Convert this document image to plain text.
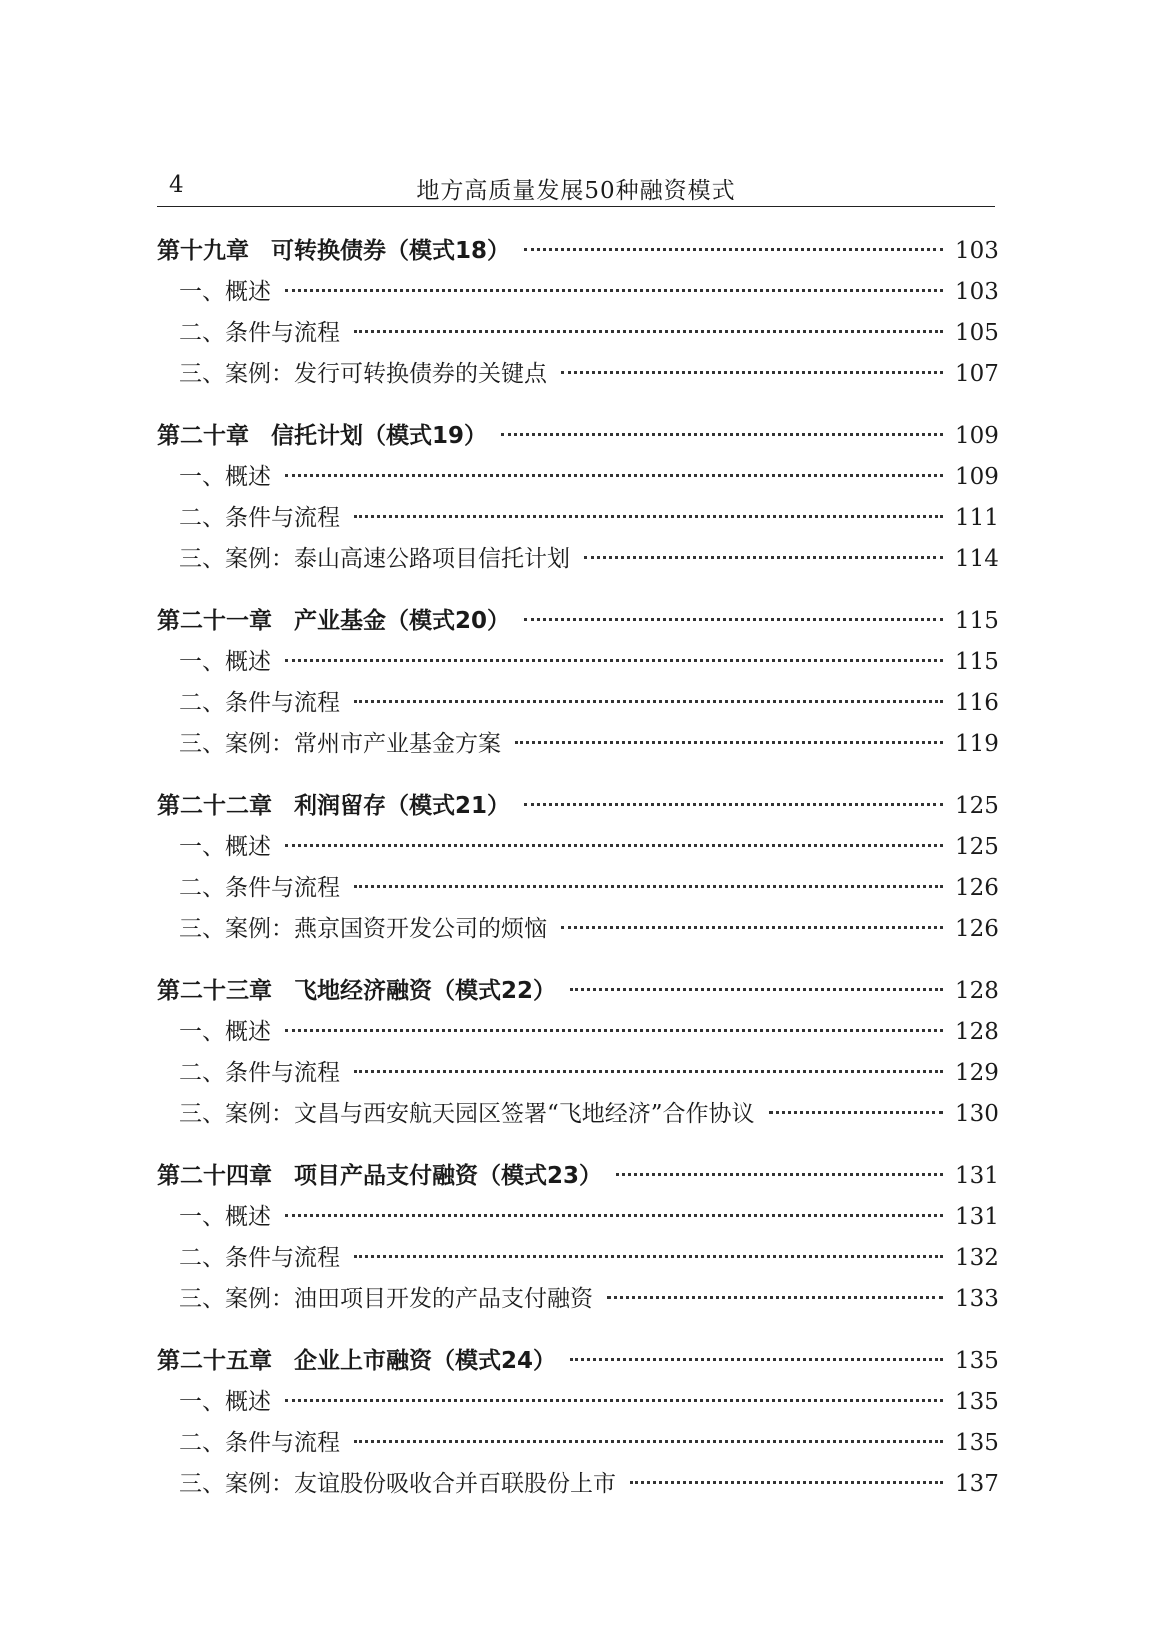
4	地方高质量发展50种融资模式
第十九章 可转换债券（模式18）	103
一、概述	103
二、条件与流程	105
三、案例：发行可转换债券的关键点	107
第二十章 信托计划（模式19）	109
一、概述	109
二、条件与流程	111
三、案例：泰山高速公路项目信托计划	114
第二十一章 产业基金（模式20）	115
一、概述	115
二、条件与流程	116
三、案例：常州市产业基金方案	119
第二十二章 利润留存（模式21）	125
一、概述	125
二、条件与流程	126
三、案例：燕京国资开发公司的烦恼	126
第二十三章 飞地经济融资（模式22）	128
一、概述	128
二、条件与流程	129
三、案例：文昌与西安航天园区签署“飞地经济”合作协议	130
第二十四章 项目产品支付融资（模式23）	131
一、概述	131
二、条件与流程	132
三、案例：油田项目开发的产品支付融资	133
第二十五章 企业上市融资（模式24）	135
一、概述	135
二、条件与流程	135
三、案例：友谊股份吸收合并百联股份上市	137
